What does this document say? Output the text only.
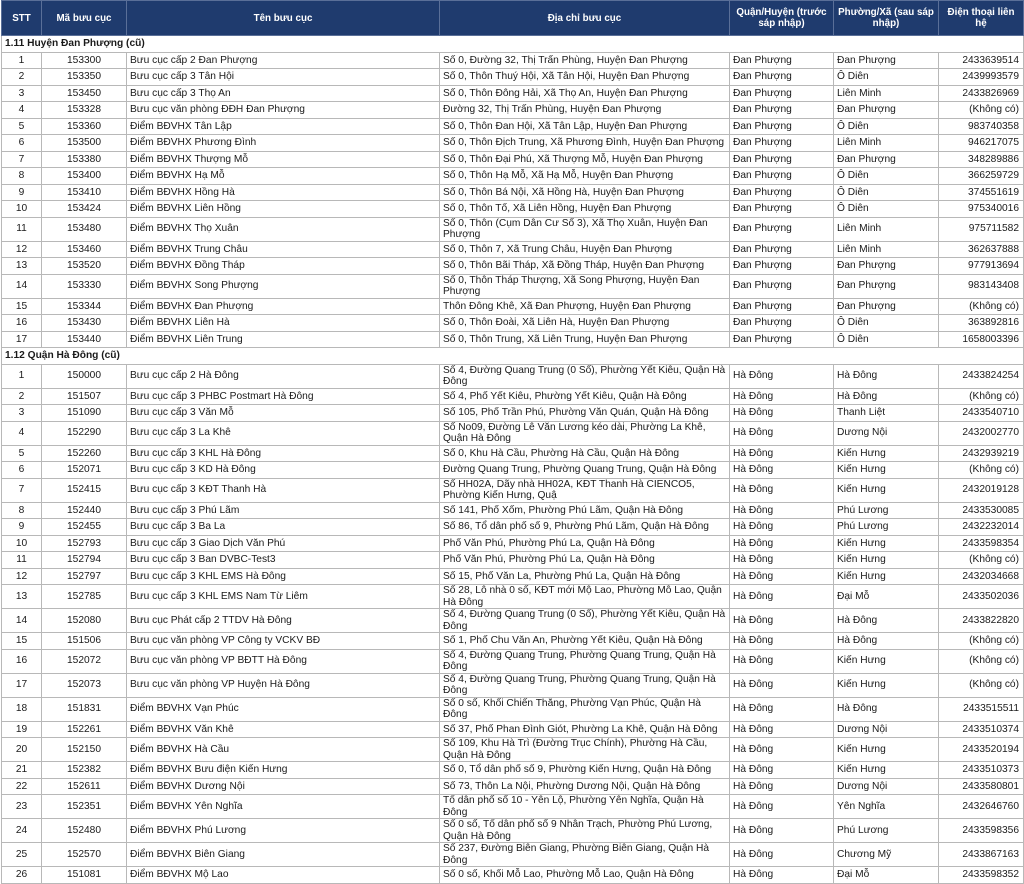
STT	Mã bưu cục	Tên bưu cục	Địa chỉ bưu cục	Quận/Huyện (trước sáp nhập)	Phường/Xã (sau sáp nhập)	Điện thoại liên hệ
1.11 Huyện Đan Phượng (cũ)						
1	153300	Bưu cục cấp 2 Đan Phượng	Số 0, Đường 32, Thị Trấn Phùng, Huyện Đan Phượng	Đan Phượng	Đan Phượng	2433639514
2	153350	Bưu cục cấp 3 Tân Hội	Số 0, Thôn Thuý Hội, Xã Tân Hội, Huyện Đan Phượng	Đan Phượng	Ô Diên	2439993579
3	153450	Bưu cục cấp 3 Thọ An	Số 0, Thôn Đông Hải, Xã Thọ An, Huyện Đan Phượng	Đan Phượng	Liên Minh	2433826969
4	153328	Bưu cục văn phòng ĐĐH Đan Phượng	Đường 32, Thị Trấn Phùng, Huyện Đan Phượng	Đan Phượng	Đan Phượng	(Không có)
5	153360	Điểm BĐVHX Tân Lập	Số 0, Thôn Đan Hội, Xã Tân Lập, Huyện Đan Phượng	Đan Phượng	Ô Diên	983740358
6	153500	Điểm BĐVHX Phương Đình	Số 0, Thôn Địch Trung, Xã Phương Đình, Huyện Đan Phượng	Đan Phượng	Liên Minh	946217075
7	153380	Điểm BĐVHX Thượng Mỗ	Số 0, Thôn Đại Phú, Xã Thượng Mỗ, Huyện Đan Phượng	Đan Phượng	Đan Phượng	348289886
8	153400	Điểm BĐVHX Hạ Mỗ	Số 0, Thôn Hạ Mỗ, Xã Hạ Mỗ, Huyện Đan Phượng	Đan Phượng	Ô Diên	366259729
9	153410	Điểm BĐVHX Hồng Hà	Số 0, Thôn Bá Nội, Xã Hồng Hà, Huyện Đan Phượng	Đan Phượng	Ô Diên	374551619
10	153424	Điểm BĐVHX Liên Hồng	Số 0, Thôn Tố, Xã Liên Hồng, Huyện Đan Phượng	Đan Phượng	Ô Diên	975340016
11	153480	Điểm BĐVHX Thọ Xuân	Số 0, Thôn (Cụm Dân Cư Số 3), Xã Thọ Xuân, Huyện Đan Phượng	Đan Phượng	Liên Minh	975711582
12	153460	Điểm BĐVHX Trung Châu	Số 0, Thôn 7, Xã Trung Châu, Huyện Đan Phượng	Đan Phượng	Liên Minh	362637888
13	153520	Điểm BĐVHX Đồng Tháp	Số 0, Thôn Bãi Tháp, Xã Đồng Tháp, Huyện Đan Phượng	Đan Phượng	Đan Phượng	977913694
14	153330	Điểm BĐVHX Song Phượng	Số 0, Thôn Tháp Thượng, Xã Song Phượng, Huyện Đan Phượng	Đan Phượng	Đan Phượng	983143408
15	153344	Điểm BĐVHX Đan Phượng	Thôn Đông Khê, Xã Đan Phượng, Huyện Đan Phượng	Đan Phượng	Đan Phượng	(Không có)
16	153430	Điểm BĐVHX Liên Hà	Số 0, Thôn Đoài, Xã Liên Hà, Huyện Đan Phượng	Đan Phượng	Ô Diên	363892816
17	153440	Điểm BĐVHX Liên Trung	Số 0, Thôn Trung, Xã Liên Trung, Huyện Đan Phượng	Đan Phượng	Ô Diên	1658003396
1.12 Quận Hà Đông (cũ)						
1	150000	Bưu cục cấp 2 Hà Đông	Số 4, Đường Quang Trung (0 Số), Phường Yết Kiêu, Quận Hà Đông	Hà Đông	Hà Đông	2433824254
2	151507	Bưu cục cấp 3 PHBC Postmart Hà Đông	Số 4, Phố Yết Kiêu, Phường Yết Kiêu, Quận Hà Đông	Hà Đông	Hà Đông	(Không có)
3	151090	Bưu cục cấp 3 Văn Mỗ	Số 105, Phố Trần Phú, Phường Văn Quán, Quận Hà Đông	Hà Đông	Thanh Liệt	2433540710
4	152290	Bưu cục cấp 3 La Khê	Số No09, Đường Lê Văn Lương kéo dài, Phường La Khê, Quận Hà Đông	Hà Đông	Dương Nội	2432002770
5	152260	Bưu cục cấp 3 KHL Hà Đông	Số 0, Khu Hà Cầu, Phường Hà Cầu, Quận Hà Đông	Hà Đông	Kiến Hưng	2432939219
6	152071	Bưu cục cấp 3 KD Hà Đông	Đường Quang Trung, Phường Quang Trung, Quận Hà Đông	Hà Đông	Kiến Hưng	(Không có)
7	152415	Bưu cục cấp 3 KĐT Thanh Hà	Số HH02A, Dãy nhà HH02A, KĐT Thanh Hà CIENCO5, Phường Kiến Hưng, Quậ	Hà Đông	Kiến Hưng	2432019128
8	152440	Bưu cục cấp 3 Phú Lãm	Số 141, Phố Xốm, Phường Phú Lãm, Quận Hà Đông	Hà Đông	Phú Lương	2433530085
9	152455	Bưu cục cấp 3 Ba La	Số 86, Tổ dân phố số 9, Phường Phú Lãm, Quận Hà Đông	Hà Đông	Phú Lương	2432232014
10	152793	Bưu cục cấp 3 Giao Dịch Văn Phú	Phố Văn Phú, Phường Phú La, Quận Hà Đông	Hà Đông	Kiến Hưng	2433598354
11	152794	Bưu cục cấp 3 Ban DVBC-Test3	Phố Văn Phú, Phường Phú La, Quận Hà Đông	Hà Đông	Kiến Hưng	(Không có)
12	152797	Bưu cục cấp 3 KHL EMS Hà Đông	Số 15, Phố Văn La, Phường Phú La, Quận Hà Đông	Hà Đông	Kiến Hưng	2432034668
13	152785	Bưu cục cấp 3 KHL EMS Nam Từ Liêm	Số 28, Lô nhà 0 số, KĐT mới Mộ Lao, Phường Mỗ Lao, Quận Hà Đông	Hà Đông	Đại Mỗ	2433502036
14	152080	Bưu cục Phát cấp 2 TTDV Hà Đông	Số 4, Đường Quang Trung (0 Số), Phường Yết Kiêu, Quận Hà Đông	Hà Đông	Hà Đông	2433822820
15	151506	Bưu cục văn phòng VP Công ty VCKV BĐ	Số 1, Phố Chu Văn An, Phường Yết Kiêu, Quận Hà Đông	Hà Đông	Hà Đông	(Không có)
16	152072	Bưu cục văn phòng VP BĐTT Hà Đông	Số 4, Đường Quang Trung, Phường Quang Trung, Quận Hà Đông	Hà Đông	Kiến Hưng	(Không có)
17	152073	Bưu cục văn phòng VP Huyện Hà Đông	Số 4, Đường Quang Trung, Phường Quang Trung, Quận Hà Đông	Hà Đông	Kiến Hưng	(Không có)
18	151831	Điểm BĐVHX Vạn Phúc	Số 0 số, Khối Chiến Thắng, Phường Vạn Phúc, Quận Hà Đông	Hà Đông	Hà Đông	2433515511
19	152261	Điểm BĐVHX Văn Khê	Số 37, Phố Phan Đình Giót, Phường La Khê, Quận Hà Đông	Hà Đông	Dương Nội	2433510374
20	152150	Điểm BĐVHX Hà Cầu	Số 109, Khu Hà Trì (Đường Trục Chính), Phường Hà Cầu, Quận Hà Đông	Hà Đông	Kiến Hưng	2433520194
21	152382	Điểm BĐVHX Bưu điện Kiến Hưng	Số 0, Tổ dân phố số 9, Phường Kiến Hưng, Quận Hà Đông	Hà Đông	Kiến Hưng	2433510373
22	152611	Điểm BĐVHX Dương Nội	Số 73, Thôn La Nội, Phường Dương Nội, Quận Hà Đông	Hà Đông	Dương Nội	2433580801
23	152351	Điểm BĐVHX Yên Nghĩa	Tổ dân phố số 10 - Yên Lộ, Phường Yên Nghĩa, Quận Hà Đông	Hà Đông	Yên Nghĩa	2432646760
24	152480	Điểm BĐVHX Phú Lương	Số 0 số, Tổ dân phố số 9 Nhân Trạch, Phường Phú Lương, Quận Hà Đông	Hà Đông	Phú Lương	2433598356
25	152570	Điểm BĐVHX Biên Giang	Số 237, Đường Biên Giang, Phường Biên Giang, Quận Hà Đông	Hà Đông	Chương Mỹ	2433867163
26	151081	Điểm BĐVHX Mộ Lao	Số 0 số, Khối Mỗ Lao, Phường Mỗ Lao, Quận Hà Đông	Hà Đông	Đại Mỗ	2433598352
